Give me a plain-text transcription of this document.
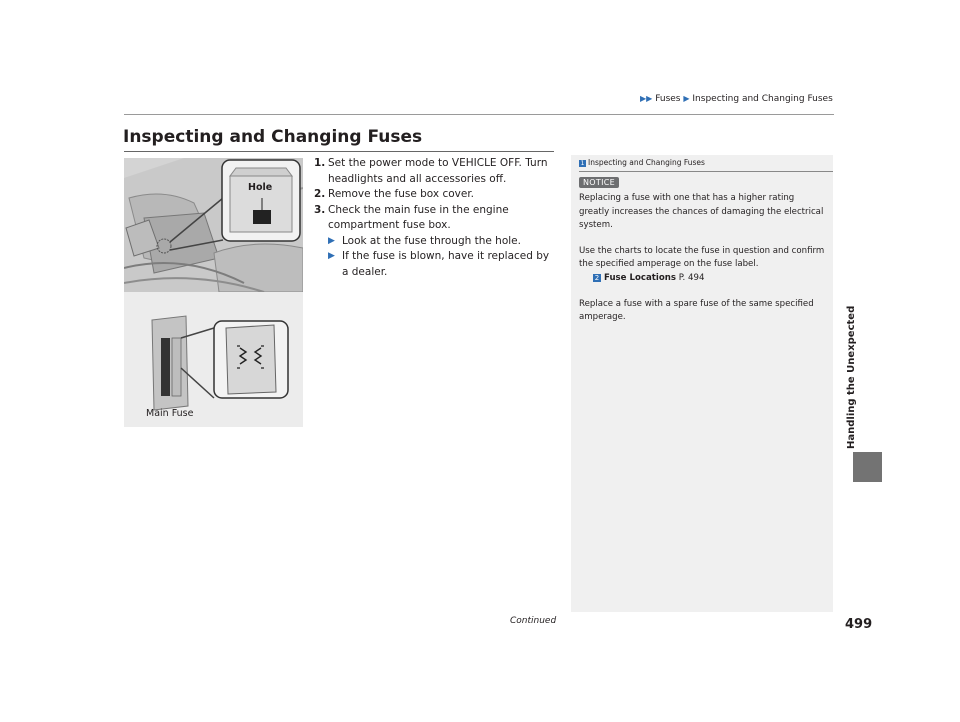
▶▶ Fuses ▶ Inspecting and Changing Fuses
Inspecting and Changing Fuses
Hole
Main Fuse
1. Set the power mode to VEHICLE OFF. Turn headlights and all accessories off.
2. Remove the fuse box cover.
3. Check the main fuse in the engine compartment fuse box.
▶ Look at the fuse through the hole.
▶ If the fuse is blown, have it replaced by a dealer.
1 Inspecting and Changing Fuses
NOTICE

Replacing a fuse with one that has a higher rating greatly increases the chances of damaging the electrical system.

Use the charts to locate the fuse in question and confirm the specified amperage on the fuse label.

2 Fuse Locations P. 494

Replace a fuse with a spare fuse of the same specified amperage.	Handling the Unexpected
Continued	499
